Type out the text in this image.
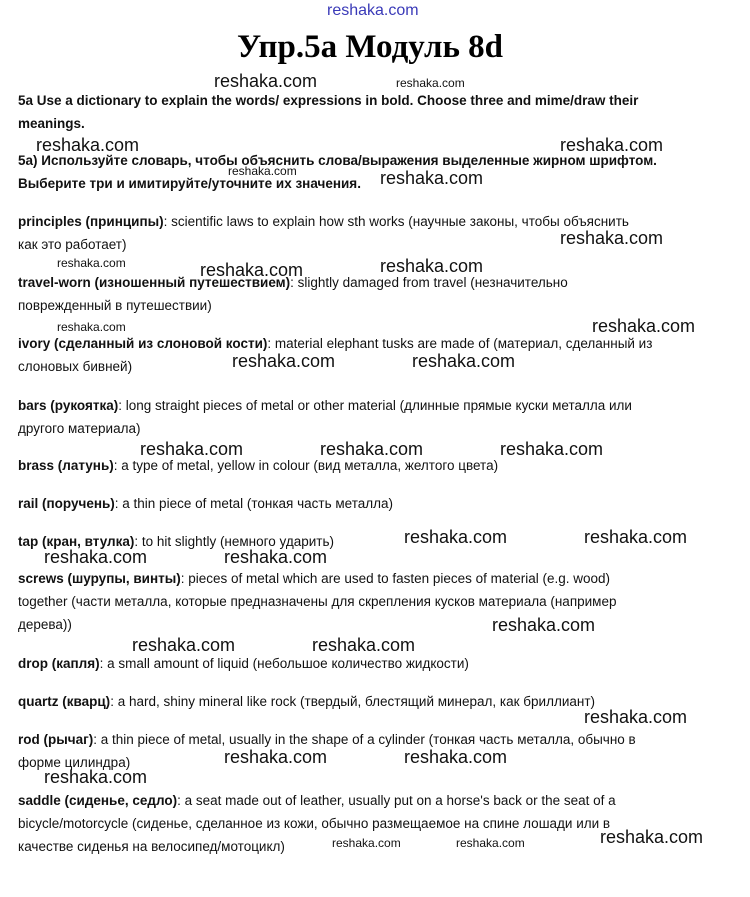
reshaka.com
Упр.5а Модуль 8d
5a Use a dictionary to explain the words/ expressions in bold. Choose three and mime/draw their
meanings.
5a) Используйте словарь, чтобы объяснить слова/выражения выделенные жирном шрифтом.
Выберите три и имитируйте/уточните их значения.
principles (принципы): scientific laws to explain how sth works (научные законы, чтобы объяснить
как это работает)
travel-worn (изношенный путешествием): slightly damaged from travel (незначительно
поврежденный в путешествии)
ivory (сделанный из слоновой кости): material elephant tusks are made of (материал, сделанный из
слоновых бивней)
bars (рукоятка): long straight pieces of metal or other material (длинные прямые куски металла или
другого материала)
brass (латунь): a type of metal, yellow in colour (вид металла, желтого цвета)
rail (поручень): a thin piece of metal (тонкая часть металла)
tap (кран, втулка): to hit slightly (немного ударить)
screws (шурупы, винты): pieces of metal which are used to fasten pieces of material (e.g. wood)
together (части металла, которые предназначены для скрепления кусков материала (например
дерева))
drop (капля): a small amount of liquid (небольшое количество жидкости)
quartz (кварц): a hard, shiny mineral like rock (твердый, блестящий минерал, как бриллиант)
rod (рычаг): a thin piece of metal, usually in the shape of a cylinder (тонкая часть металла, обычно в
форме цилиндра)
saddle (сиденье, седло): a seat made out of leather, usually put on a horse's back or the seat of a
bicycle/motorcycle (сиденье, сделанное из кожи, обычно размещаемое на спине лошади или в
качестве сиденья на велосипед/мотоцикл)
reshaka.com	reshaka.com
reshaka.com	reshaka.com
reshaka.com	reshaka.com
reshaka.com
reshaka.com	reshaka.com	reshaka.com
reshaka.com	reshaka.com
reshaka.com	reshaka.com
reshaka.com	reshaka.com	reshaka.com
reshaka.com	reshaka.com
reshaka.com	reshaka.com
reshaka.com
reshaka.com	reshaka.com
reshaka.com
reshaka.com	reshaka.com
reshaka.com
reshaka.com
reshaka.com	reshaka.com
